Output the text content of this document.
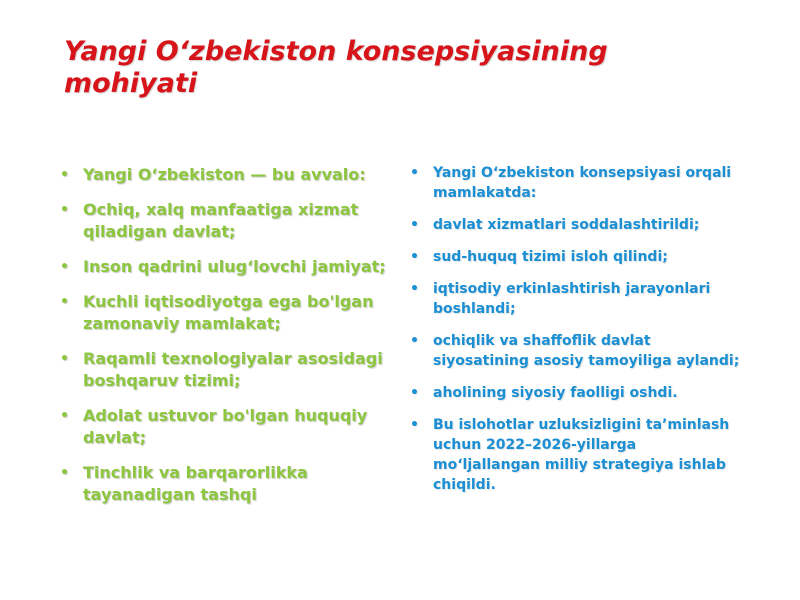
Yangi O‘zbekiston konsepsiyasining mohiyati
• Yangi O‘zbekiston — bu avvalo:
• Ochiq, xalq manfaatiga xizmat qiladigan davlat;
• Inson qadrini ulug‘lovchi jamiyat;
• Kuchli iqtisodiyotga ega bo'lgan zamonaviy mamlakat;
• Raqamli texnologiyalar asosidagi boshqaruv tizimi;
• Adolat ustuvor bo'lgan huquqiy davlat;
• Tinchlik va barqarorlikka tayanadigan tashqi
• Yangi O‘zbekiston konsepsiyasi orqali mamlakatda:
• davlat xizmatlari soddalashtirildi;
• sud-huquq tizimi isloh qilindi;
• iqtisodiy erkinlashtirish jarayonlari boshlandi;
• ochiqlik va shaffoflik davlat siyosatining asosiy tamoyiliga aylandi;
• aholining siyosiy faolligi oshdi.
• Bu islohotlar uzluksizligini ta’minlash uchun 2022–2026-yillarga mo‘ljallangan milliy strategiya ishlab chiqildi.
